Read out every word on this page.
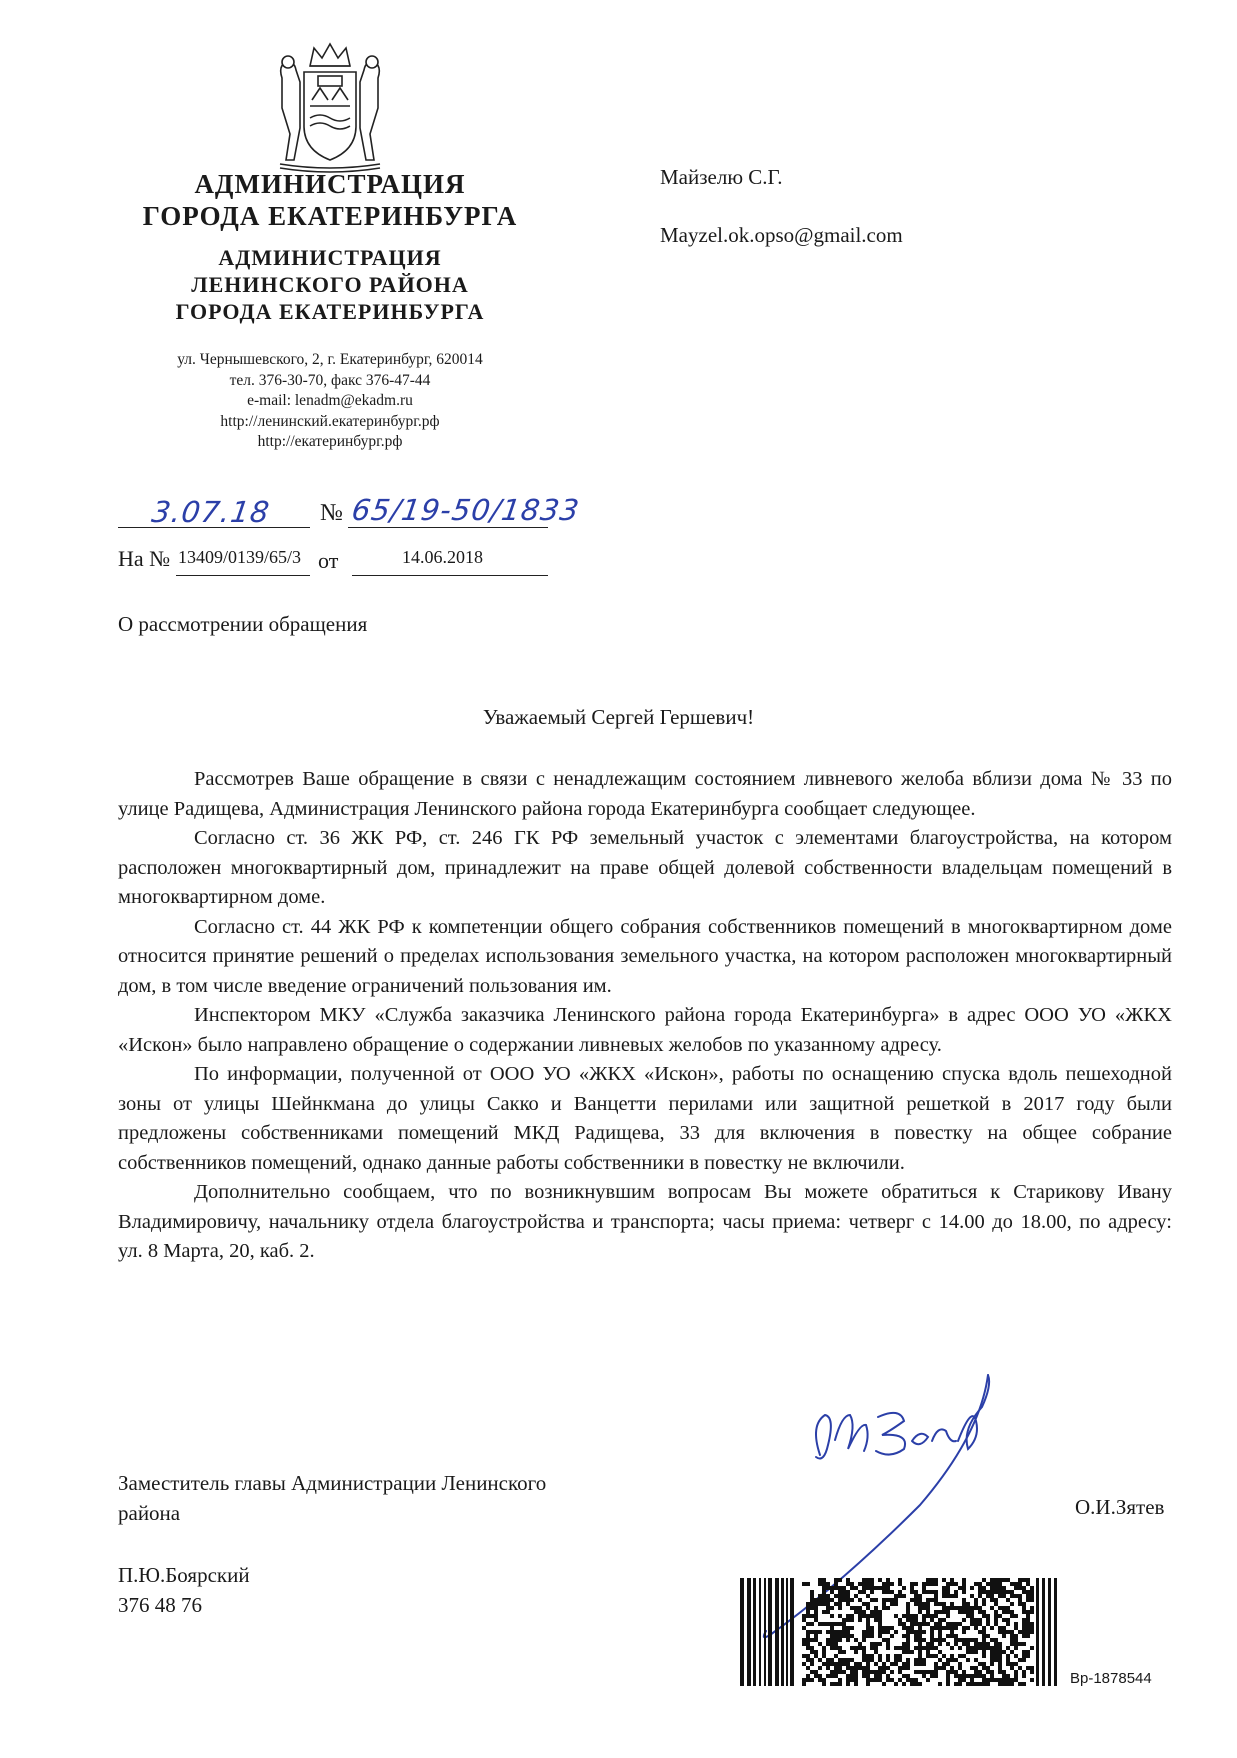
АДМИНИСТРАЦИЯ
ГОРОДА ЕКАТЕРИНБУРГА
АДМИНИСТРАЦИЯ
ЛЕНИНСКОГО РАЙОНА
ГОРОДА ЕКАТЕРИНБУРГА
ул. Чернышевского, 2, г. Екатеринбург, 620014
тел. 376-30-70, факс 376-47-44
e-mail: lenadm@ekadm.ru
http://ленинский.екатеринбург.рф
http://екатеринбург.рф
Майзелю С.Г.
Mayzel.ok.opso@gmail.com
3.07.18 № 65/19-50/1833
На № 13409/0139/65/3 от	14.06.2018
О рассмотрении обращения
Уважаемый Сергей Гершевич!

Рассмотрев Ваше обращение в связи с ненадлежащим состоянием ливневого желоба вблизи дома № 33 по улице Радищева, Администрация Ленинского района города Екатеринбурга сообщает следующее.

Согласно ст. 36 ЖК РФ, ст. 246 ГК РФ земельный участок с элементами благоустройства, на котором расположен многоквартирный дом, принадлежит на праве общей долевой собственности владельцам помещений в многоквартирном доме.

Согласно ст. 44 ЖК РФ к компетенции общего собрания собственников помещений в многоквартирном доме относится принятие решений о пределах использования земельного участка, на котором расположен многоквартирный дом, в том числе введение ограничений пользования им.

Инспектором МКУ «Служба заказчика Ленинского района города Екатеринбурга» в адрес ООО УО «ЖКХ «Искон» было направлено обращение о содержании ливневых желобов по указанному адресу.

По информации, полученной от ООО УО «ЖКХ «Искон», работы по оснащению спуска вдоль пешеходной зоны от улицы Шейнкмана до улицы Сакко и Ванцетти перилами или защитной решеткой в 2017 году были предложены собственниками помещений МКД Радищева, 33 для включения в повестку на общее собрание собственников помещений, однако данные работы собственники в повестку не включили.

Дополнительно сообщаем, что по возникнувшим вопросам Вы можете обратиться к Старикову Ивану Владимировичу, начальнику отдела благоустройства и транспорта; часы приема: четверг с 14.00 до 18.00, по адресу:

ул. 8 Марта, 20, каб. 2.
Заместитель главы Администрации Ленинского
района	О.И.Зятев
П.Ю.Боярский
376 48 76
Вр-1878544
